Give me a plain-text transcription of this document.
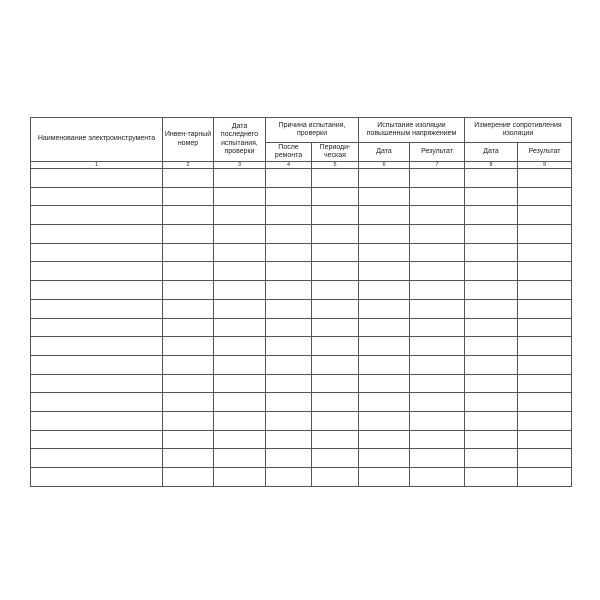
Наименование электроинструмента	Инвен-тарный номер	Дата последнего испытания, проверки	Причина испытания, проверки		Испытание изоляции повышенным напряжением		Измерение сопротивления изоляции	
			После ремонта	Периоди-ческая	Дата	Результат	Дата	Результат
1	2	3	4	5	6	7	8	9
